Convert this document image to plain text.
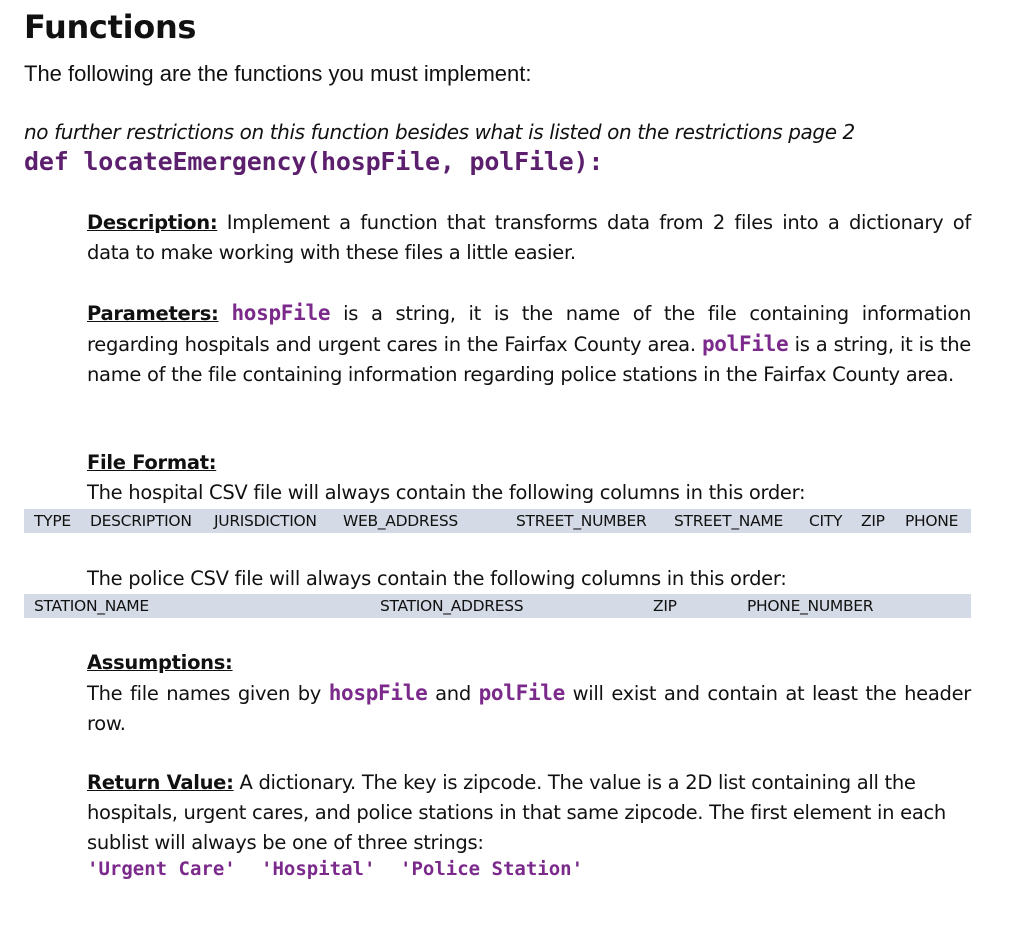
Functions
The following are the functions you must implement:
no further restrictions on this function besides what is listed on the restrictions page 2
def locateEmergency(hospFile, polFile):
Description: Implement a function that transforms data from 2 files into a dictionary of data to make working with these files a little easier.
Parameters: hospFile is a string, it is the name of the file containing information regarding hospitals and urgent cares in the Fairfax County area. polFile is a string, it is the name of the file containing information regarding police stations in the Fairfax County area.
File Format:
The hospital CSV file will always contain the following columns in this order:
TYPE DESCRIPTION JURISDICTION WEB_ADDRESS	STREET_NUMBER STREET_NAME CITY ZIP PHONE
The police CSV file will always contain the following columns in this order:
STATION_NAME	STATION_ADDRESS	ZIP	PHONE_NUMBER
Assumptions:
The file names given by hospFile and polFile will exist and contain at least the header row.
Return Value: A dictionary. The key is zipcode. The value is a 2D list containing all the hospitals, urgent cares, and police stations in that same zipcode. The first element in each sublist will always be one of three strings:
'Urgent Care' 'Hospital' 'Police Station'
